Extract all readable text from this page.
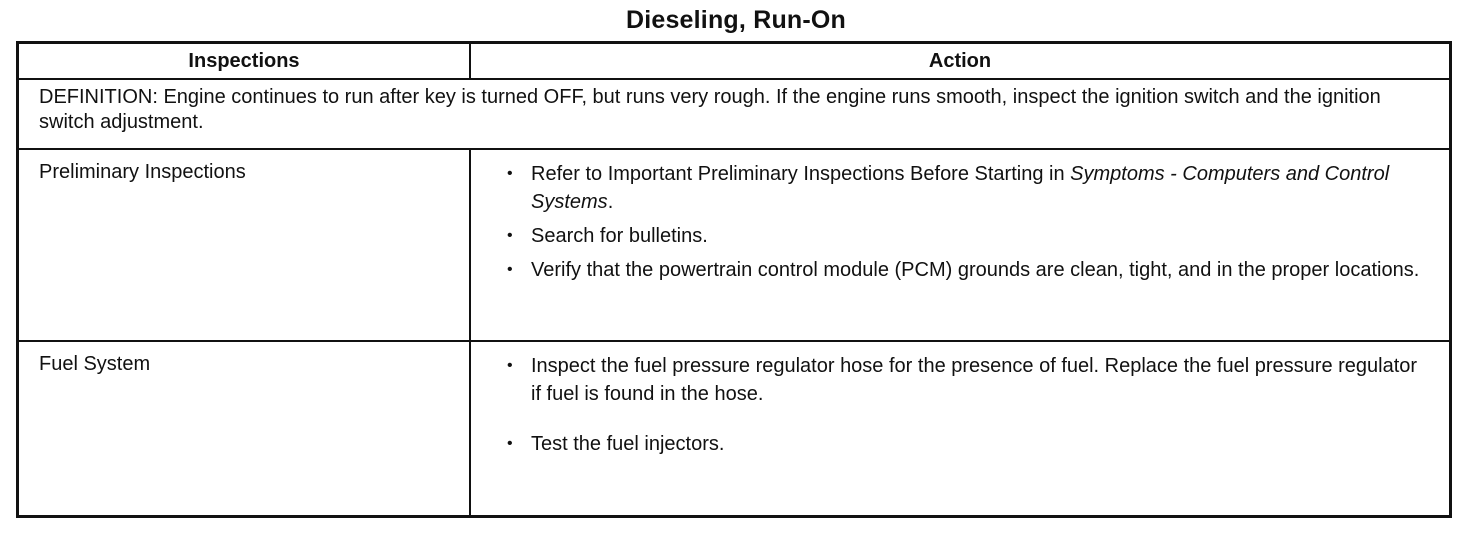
Dieseling, Run-On
Inspections	Action
DEFINITION: Engine continues to run after key is turned OFF, but runs very rough. If the engine runs smooth, inspect the ignition switch and the ignition switch adjustment.
Preliminary Inspections	• Refer to Important Preliminary Inspections Before Starting in Symptoms - Computers and Control Systems.
• Search for bulletins.
• Verify that the powertrain control module (PCM) grounds are clean, tight, and in the proper locations.
Fuel System	• Inspect the fuel pressure regulator hose for the presence of fuel. Replace the fuel pressure regulator if fuel is found in the hose.
• Test the fuel injectors.
